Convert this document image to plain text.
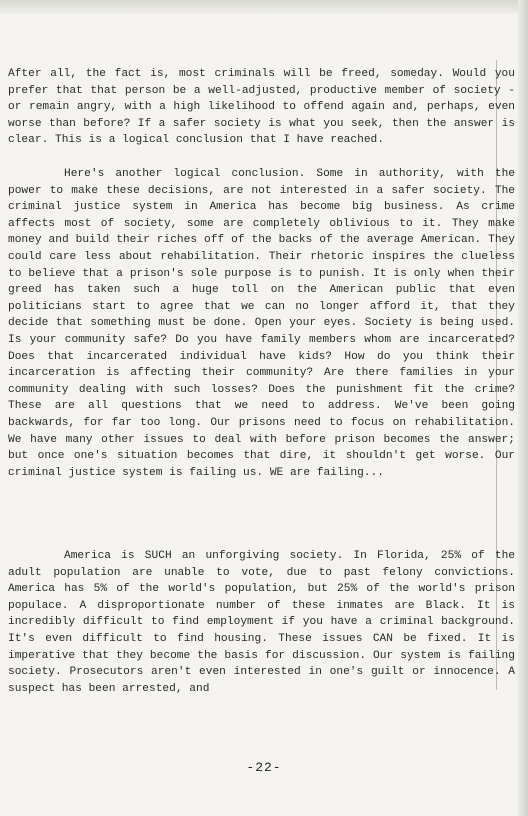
After all, the fact is, most criminals will be freed, someday. Would you prefer that that person be a well-adjusted, productive member of society - or remain angry, with a high likelihood to offend again and, perhaps, even worse than before? If a safer society is what you seek, then the answer is clear. This is a logical conclusion that I have reached.

Here's another logical conclusion. Some in authority, with the power to make these decisions, are not interested in a safer society. The criminal justice system in America has become big business. As crime affects most of society, some are completely oblivious to it. They make money and build their riches off of the backs of the average American. They could care less about rehabilitation. Their rhetoric inspires the clueless to believe that a prison's sole purpose is to punish. It is only when their greed has taken such a huge toll on the American public that even politicians start to agree that we can no longer afford it, that they decide that something must be done. Open your eyes. Society is being used. Is your community safe? Do you have family members whom are incarcerated? Does that incarcerated individual have kids? How do you think their incarceration is affecting their community? Are there families in your community dealing with such losses? Does the punishment fit the crime? These are all questions that we need to address. We've been going backwards, for far too long. Our prisons need to focus on rehabilitation. We have many other issues to deal with before prison becomes the answer; but once one's situation becomes that dire, it shouldn't get worse. Our criminal justice system is failing us. WE are failing...

America is SUCH an unforgiving society. In Florida, 25% of the adult population are unable to vote, due to past felony convictions. America has 5% of the world's population, but 25% of the world's prison populace. A disproportionate number of these inmates are Black. It is incredibly difficult to find employment if you have a criminal background. It's even difficult to find housing. These issues CAN be fixed. It is imperative that they become the basis for discussion. Our system is failing society. Prosecutors aren't even interested in one's guilt or innocence. A suspect has been arrested, and

-22-
